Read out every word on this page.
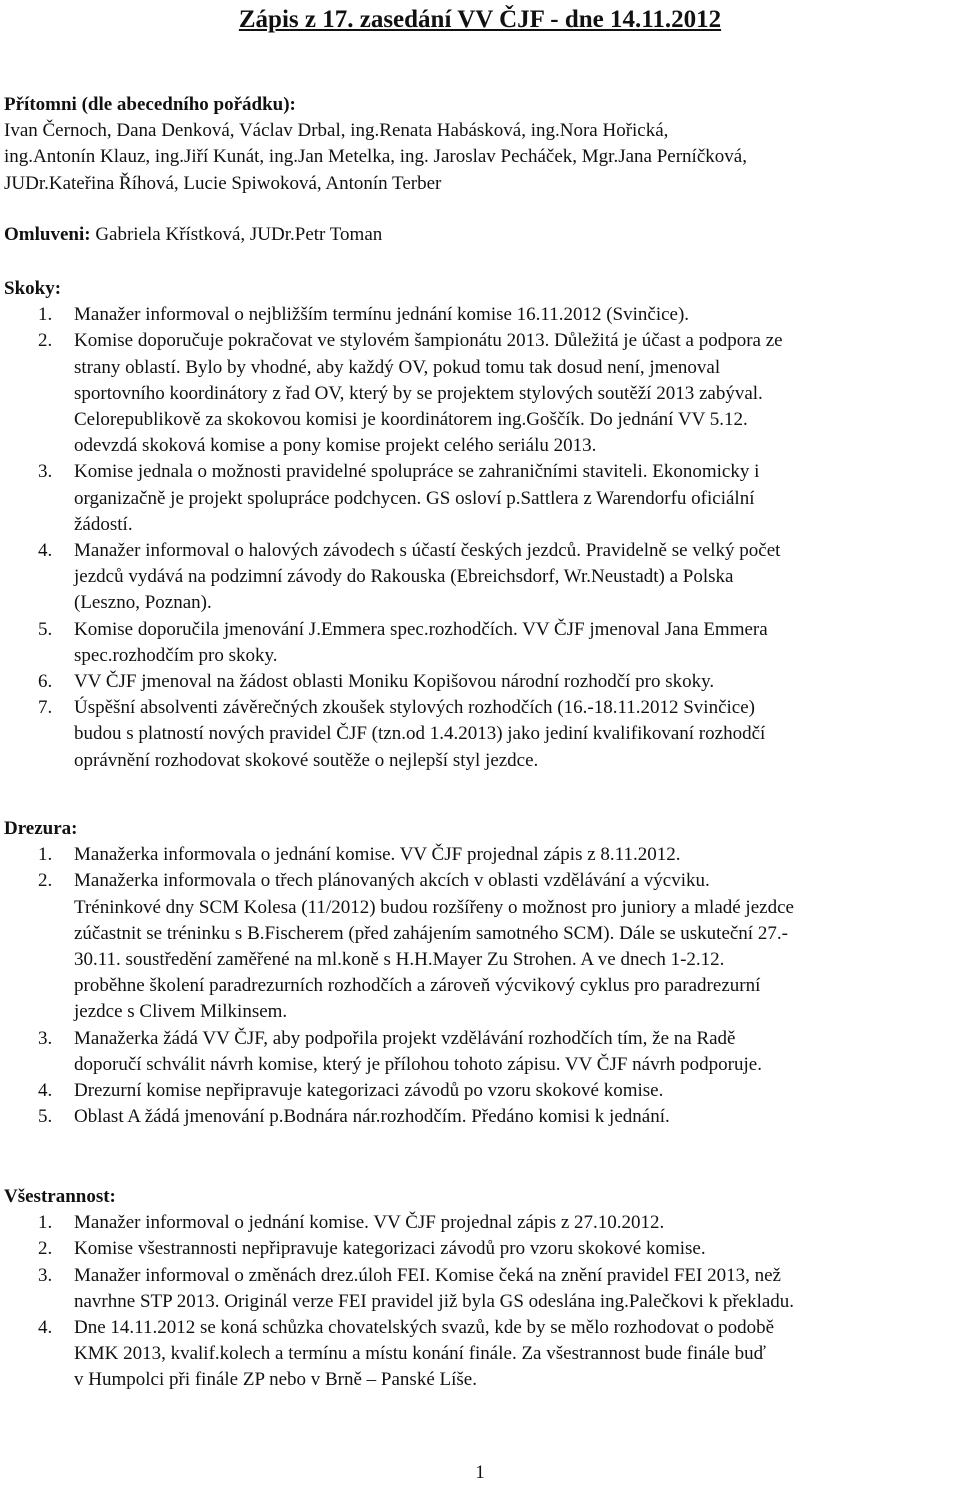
Zápis z 17. zasedání VV ČJF - dne 14.11.2012
Přítomni (dle abecedního pořádku):
Ivan Černoch, Dana Denková, Václav Drbal, ing.Renata Habásková, ing.Nora Hořická,
ing.Antonín Klauz, ing.Jiří Kunát, ing.Jan Metelka, ing. Jaroslav Pecháček, Mgr.Jana Perníčková,
JUDr.Kateřina Říhová, Lucie Spiwoková, Antonín Terber
Omluveni: Gabriela Křístková, JUDr.Petr Toman
Skoky:
1. Manažer informoval o nejbližším termínu jednání komise 16.11.2012 (Svinčice).
2. Komise doporučuje pokračovat ve stylovém šampionátu 2013. Důležitá je účast a podpora ze
strany oblastí. Bylo by vhodné, aby každý OV, pokud tomu tak dosud není, jmenoval
sportovního koordinátory z řad OV, který by se projektem stylových soutěží 2013 zabýval.
Celorepublikově za skokovou komisi je koordinátorem ing.Goščík. Do jednání VV 5.12.
odevzdá skoková komise a pony komise projekt celého seriálu 2013.
3. Komise jednala o možnosti pravidelné spolupráce se zahraničními staviteli. Ekonomicky i
organizačně je projekt spolupráce podchycen. GS osloví p.Sattlera z Warendorfu oficiální
žádostí.
4. Manažer informoval o halových závodech s účastí českých jezdců. Pravidelně se velký počet
jezdců vydává na podzimní závody do Rakouska (Ebreichsdorf, Wr.Neustadt) a Polska
(Leszno, Poznan).
5. Komise doporučila jmenování J.Emmera spec.rozhodčích. VV ČJF jmenoval Jana Emmera
spec.rozhodčím pro skoky.
6. VV ČJF jmenoval na žádost oblasti Moniku Kopišovou národní rozhodčí pro skoky.
7. Úspěšní absolventi závěrečných zkoušek stylových rozhodčích (16.-18.11.2012 Svinčice)
budou s platností nových pravidel ČJF (tzn.od 1.4.2013) jako jediní kvalifikovaní rozhodčí
oprávnění rozhodovat skokové soutěže o nejlepší styl jezdce.
Drezura:
1. Manažerka informovala o jednání komise. VV ČJF projednal zápis z 8.11.2012.
2. Manažerka informovala o třech plánovaných akcích v oblasti vzdělávání a výcviku.
Tréninkové dny SCM Kolesa (11/2012) budou rozšířeny o možnost pro juniory a mladé jezdce
zúčastnit se tréninku s B.Fischerem (před zahájením samotného SCM). Dále se uskuteční 27.-
30.11. soustředění zaměřené na ml.koně s H.H.Mayer Zu Strohen. A ve dnech 1-2.12.
proběhne školení paradrezurních rozhodčích a zároveň výcvikový cyklus pro paradrezurní
jezdce s Clivem Milkinsem.
3. Manažerka žádá VV ČJF, aby podpořila projekt vzdělávání rozhodčích tím, že na Radě
doporučí schválit návrh komise, který je přílohou tohoto zápisu. VV ČJF návrh podporuje.
4. Drezurní komise nepřipravuje kategorizaci závodů po vzoru skokové komise.
5. Oblast A žádá jmenování p.Bodnára nár.rozhodčím. Předáno komisi k jednání.
Všestrannost:
1. Manažer informoval o jednání komise. VV ČJF projednal zápis z 27.10.2012.
2. Komise všestrannosti nepřipravuje kategorizaci závodů pro vzoru skokové komise.
3. Manažer informoval o změnách drez.úloh FEI. Komise čeká na znění pravidel FEI 2013, než
navrhne STP 2013. Originál verze FEI pravidel již byla GS odeslána ing.Palečkovi k překladu.
4. Dne 14.11.2012 se koná schůzka chovatelských svazů, kde by se mělo rozhodovat o podobě
KMK 2013, kvalif.kolech a termínu a místu konání finále. Za všestrannost bude finále buď
v Humpolci při finále ZP nebo v Brně – Panské Líše.
1
